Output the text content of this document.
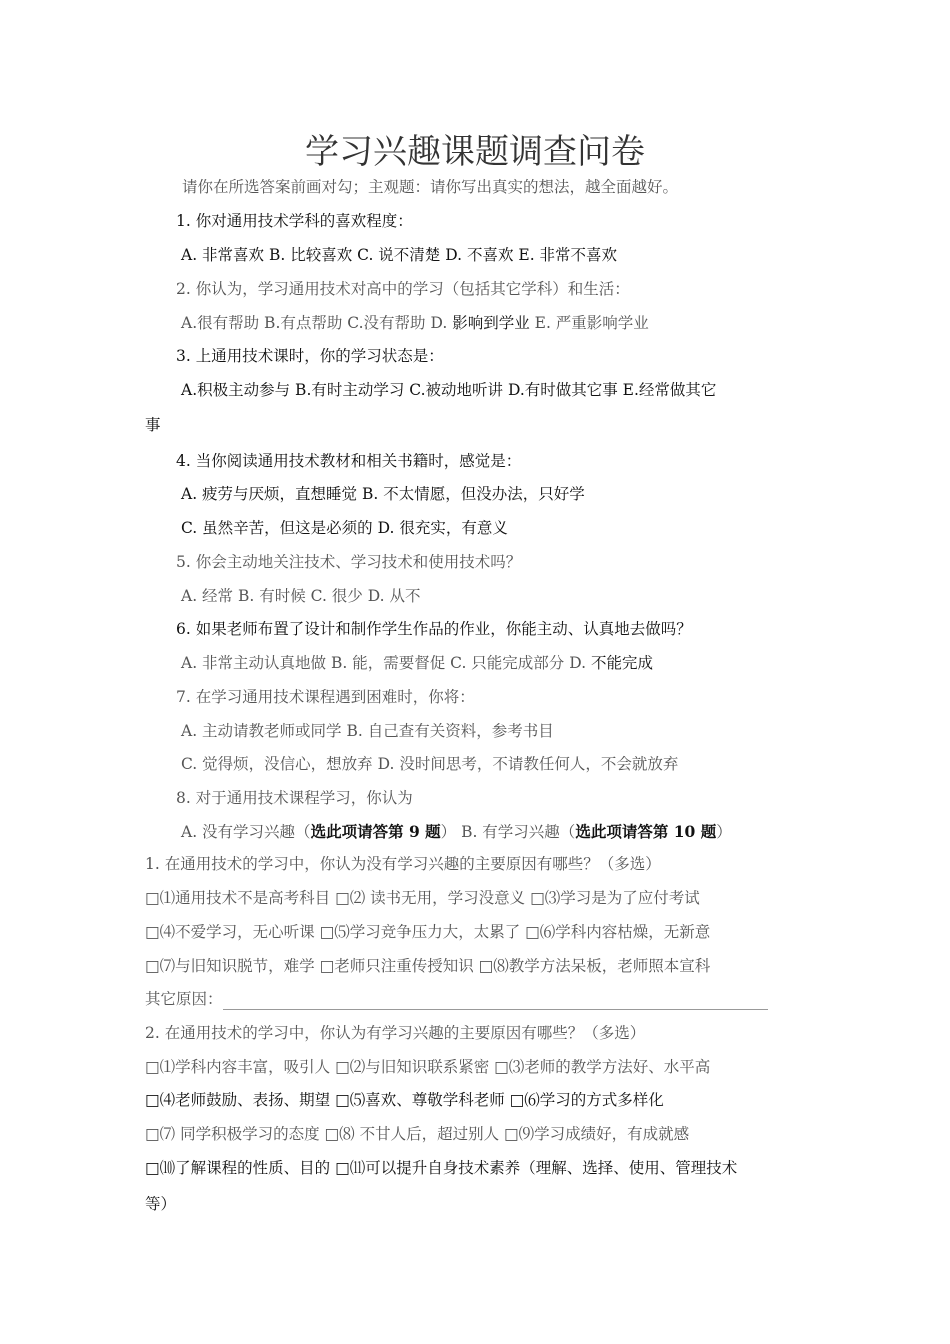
学习兴趣课题调查问卷
请你在所选答案前画对勾；主观题：请你写出真实的想法，越全面越好。
1. 你对通用技术学科的喜欢程度：
A. 非常喜欢 B. 比较喜欢 C. 说不清楚 D. 不喜欢 E. 非常不喜欢
2. 你认为，学习通用技术对高中的学习（包括其它学科）和生活：
A.很有帮助 B.有点帮助 C.没有帮助 D. 影响到学业 E. 严重影响学业
3. 上通用技术课时，你的学习状态是：
A.积极主动参与 B.有时主动学习 C.被动地听讲 D.有时做其它事 E.经常做其它
事
4. 当你阅读通用技术教材和相关书籍时，感觉是：
A. 疲劳与厌烦，直想睡觉 B. 不太情愿，但没办法，只好学
C. 虽然辛苦，但这是必须的 D. 很充实，有意义
5. 你会主动地关注技术、学习技术和使用技术吗？
A. 经常 B. 有时候 C. 很少 D. 从不
6. 如果老师布置了设计和制作学生作品的作业，你能主动、认真地去做吗？
A. 非常主动认真地做 B. 能，需要督促 C. 只能完成部分 D. 不能完成
7. 在学习通用技术课程遇到困难时，你将：
A. 主动请教老师或同学 B. 自己查有关资料，参考书目
C. 觉得烦，没信心，想放弃 D. 没时间思考，不请教任何人，不会就放弃
8. 对于通用技术课程学习，你认为
A. 没有学习兴趣（选此项请答第 9 题） B. 有学习兴趣（选此项请答第 10 题）
1. 在通用技术的学习中，你认为没有学习兴趣的主要原因有哪些？（多选）
□⑴通用技术不是高考科目 □⑵ 读书无用，学习没意义 □⑶学习是为了应付考试
□⑷不爱学习，无心听课 □⑸学习竞争压力大，太累了 □⑹学科内容枯燥，无新意
□⑺与旧知识脱节，难学 □老师只注重传授知识 □⑻教学方法呆板，老师照本宣科
其它原因：
2. 在通用技术的学习中，你认为有学习兴趣的主要原因有哪些？（多选）
□⑴学科内容丰富，吸引人 □⑵与旧知识联系紧密 □⑶老师的教学方法好、水平高
□⑷老师鼓励、表扬、期望 □⑸喜欢、尊敬学科老师 □⑹学习的方式多样化
□⑺ 同学积极学习的态度 □⑻ 不甘人后，超过别人 □⑼学习成绩好，有成就感
□⑽了解课程的性质、目的 □⑾可以提升自身技术素养（理解、选择、使用、管理技术
等）
